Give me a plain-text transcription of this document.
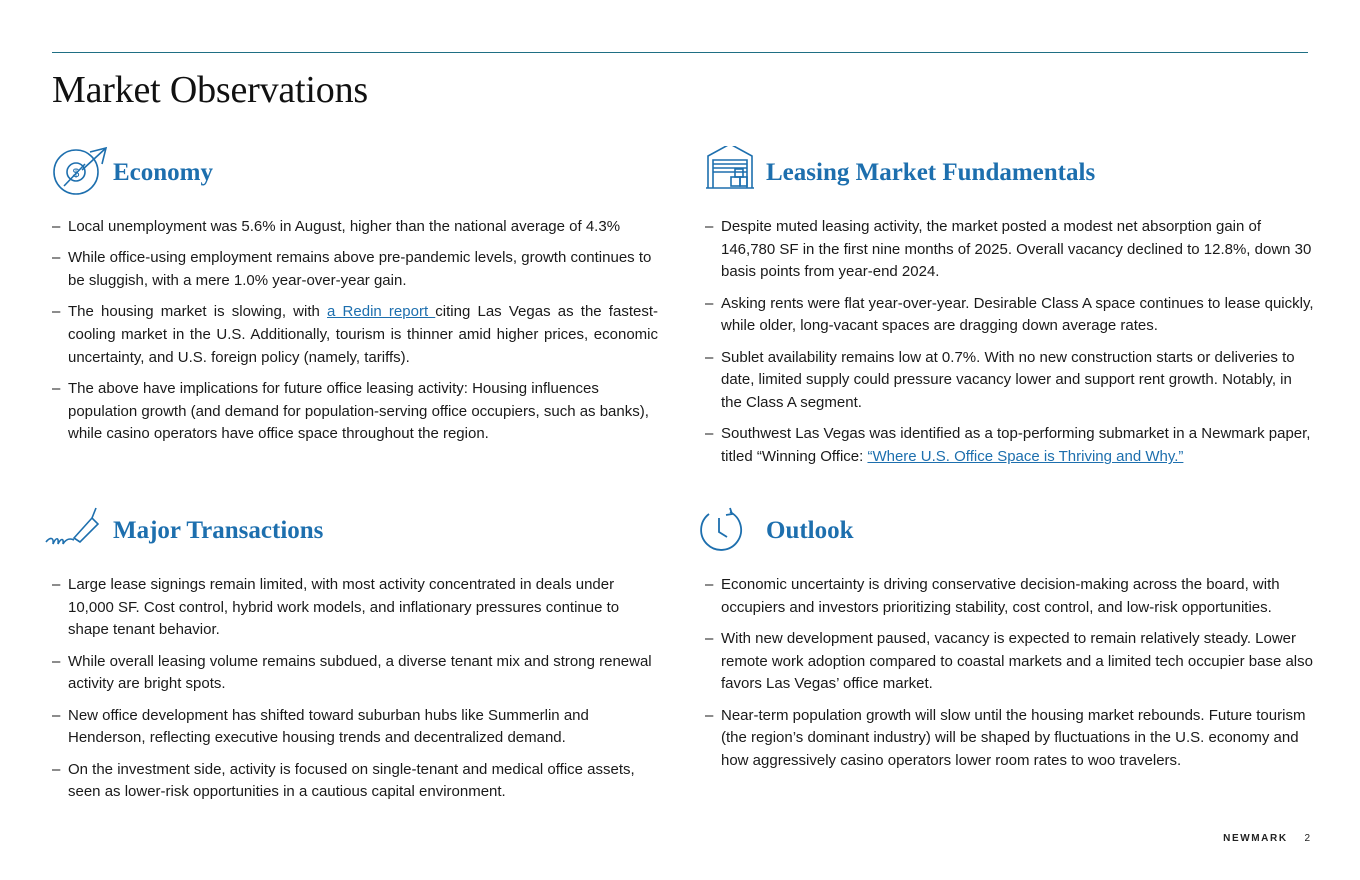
Market Observations
$ Economy
– Local unemployment was 5.6% in August, higher than the national average of 4.3%
– While office-using employment remains above pre-pandemic levels, growth continues to be sluggish, with a mere 1.0% year-over-year gain.
– The housing market is slowing, with a Redin report citing Las Vegas as the fastest-cooling market in the U.S. Additionally, tourism is thinner amid higher prices, economic uncertainty, and U.S. foreign policy (namely, tariffs).
– The above have implications for future office leasing activity: Housing influences population growth (and demand for population-serving office occupiers, such as banks), while casino operators have office space throughout the region.
Leasing Market Fundamentals
– Despite muted leasing activity, the market posted a modest net absorption gain of 146,780 SF in the first nine months of 2025. Overall vacancy declined to 12.8%, down 30 basis points from year-end 2024.
– Asking rents were flat year-over-year. Desirable Class A space continues to lease quickly, while older, long-vacant spaces are dragging down average rates.
– Sublet availability remains low at 0.7%. With no new construction starts or deliveries to date, limited supply could pressure vacancy lower and support rent growth. Notably, in the Class A segment.
– Southwest Las Vegas was identified as a top-performing submarket in a Newmark paper, titled “Winning Office: “Where U.S. Office Space is Thriving and Why.”
Major Transactions
– Large lease signings remain limited, with most activity concentrated in deals under 10,000 SF. Cost control, hybrid work models, and inflationary pressures continue to shape tenant behavior.
– While overall leasing volume remains subdued, a diverse tenant mix and strong renewal activity are bright spots.
– New office development has shifted toward suburban hubs like Summerlin and Henderson, reflecting executive housing trends and decentralized demand.
– On the investment side, activity is focused on single-tenant and medical office assets, seen as lower-risk opportunities in a cautious capital environment.
Outlook
– Economic uncertainty is driving conservative decision-making across the board, with occupiers and investors prioritizing stability, cost control, and low-risk opportunities.
– With new development paused, vacancy is expected to remain relatively steady. Lower remote work adoption compared to coastal markets and a limited tech occupier base also favors Las Vegas’ office market.
– Near-term population growth will slow until the housing market rebounds. Future tourism (the region’s dominant industry) will be shaped by fluctuations in the U.S. economy and how aggressively casino operators lower room rates to woo travelers.
NEWMARK 2
